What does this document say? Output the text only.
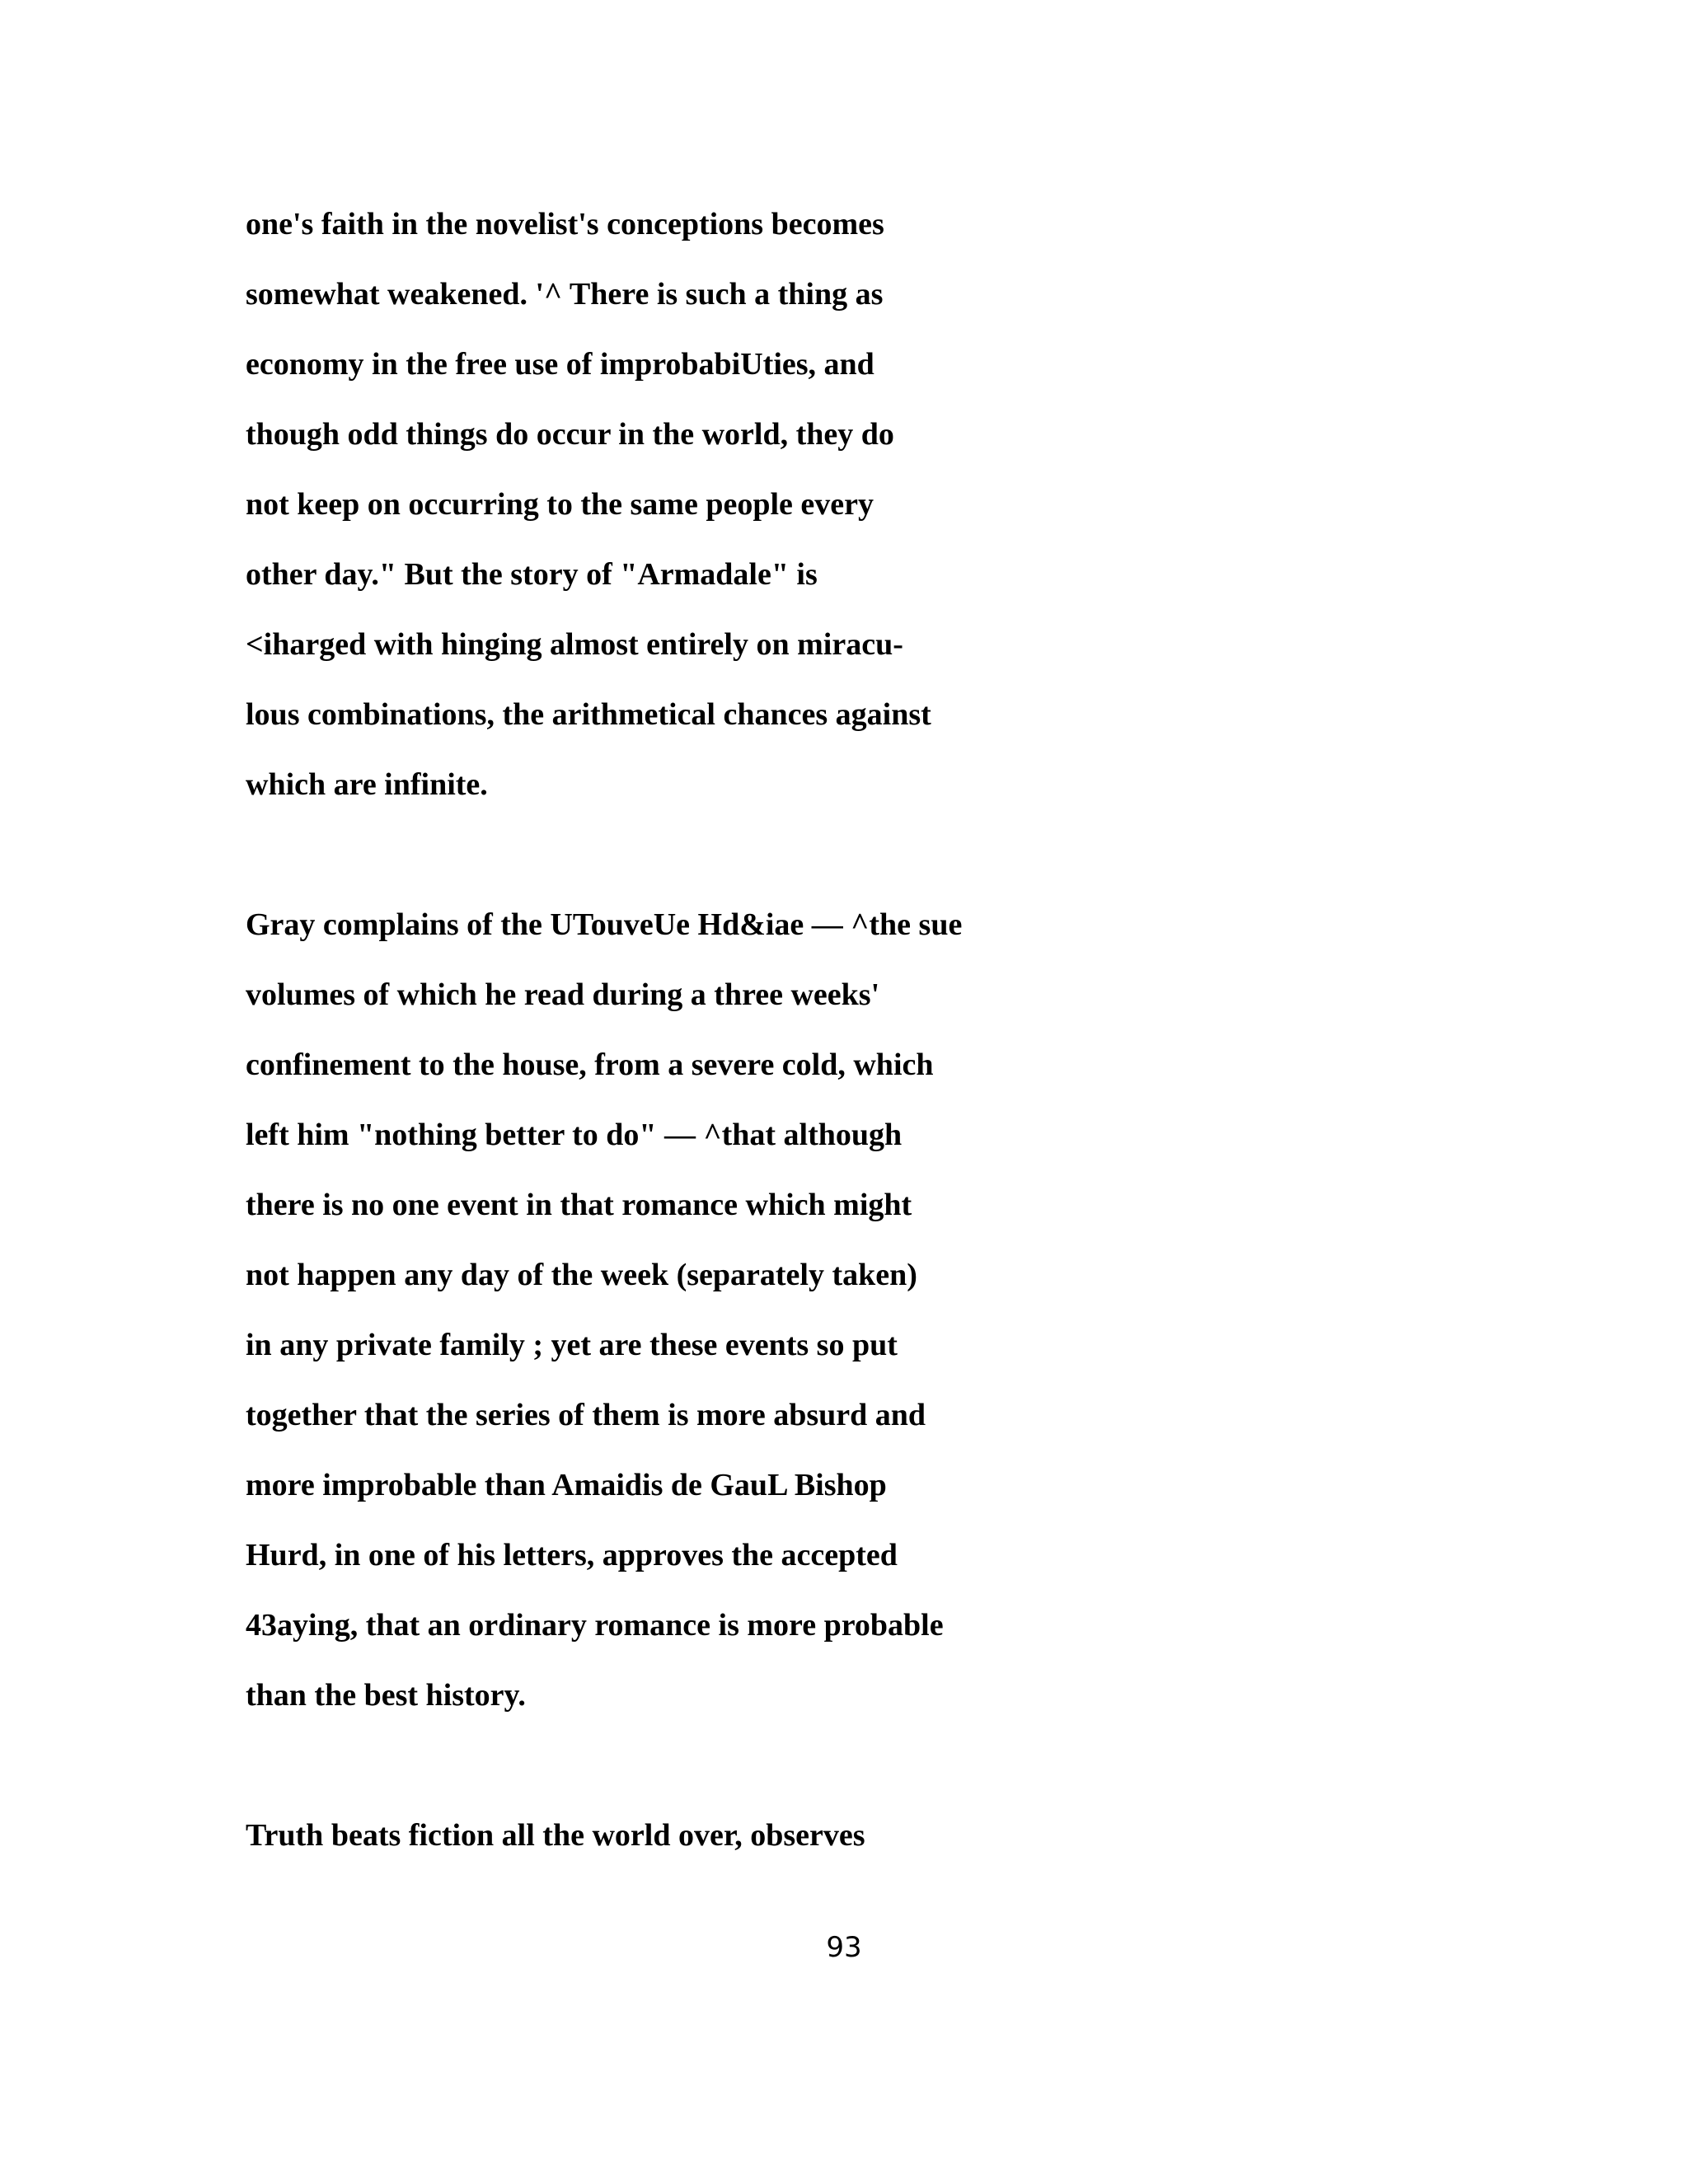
one's faith in the novelist's conceptions becomes
somewhat weakened. '^ There is such a thing as
economy in the free use of improbabiUties, and
though odd things do occur in the world, they do
not keep on occurring to the same people every
other day." But the story of "Armadale" is
<iharged with hinging almost entirely on miracu-
lous combinations, the arithmetical chances against
which are infinite.
Gray complains of the UTouveUe Hd&iae — ^the sue
volumes of which he read during a three weeks'
confinement to the house, from a severe cold, which
left him "nothing better to do" — ^that although
there is no one event in that romance which might
not happen any day of the week (separately taken)
in any private family ; yet are these events so put
together that the series of them is more absurd and
more improbable than Amaidis de GauL Bishop
Hurd, in one of his letters, approves the accepted
43aying, that an ordinary romance is more probable
than the best history.
Truth beats fiction all the world over, observes
93
